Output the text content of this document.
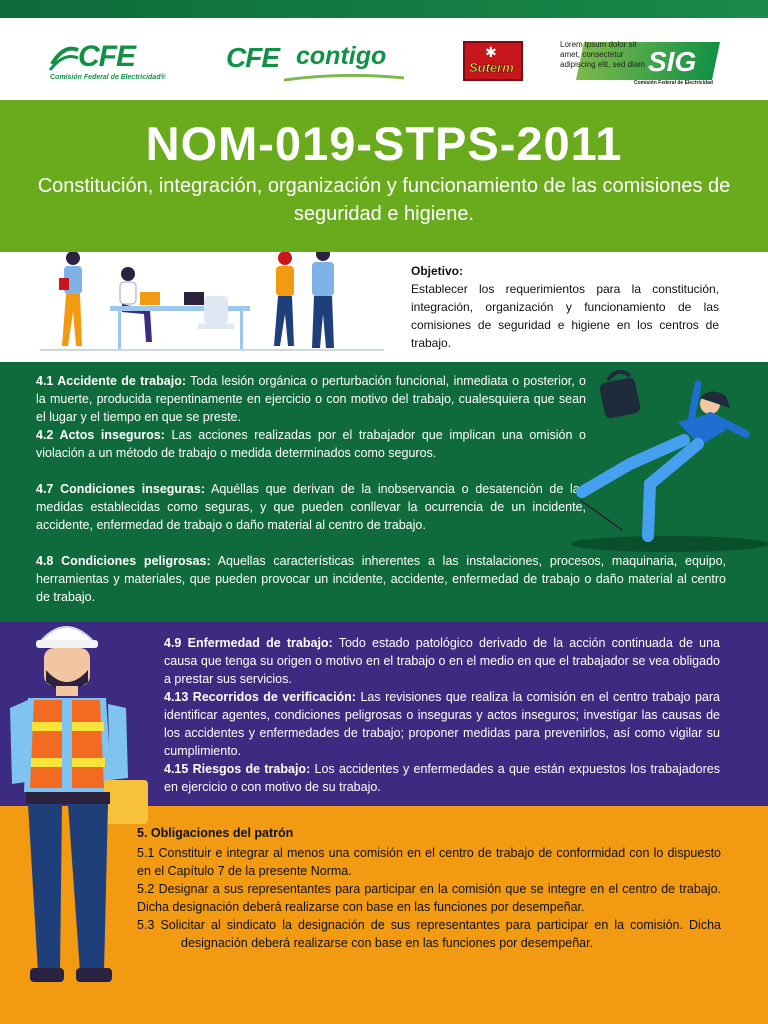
CFE
Comisión Federal de Electricidad®
CFE contigo	✱
Suterm	SIG
Comisión Federal de Electricidad
Lorem ipsum dolor sit amet, consectetur adipiscing elit, sed diam
NOM-019-STPS-2011

Constitución, integración, organización y funcionamiento de las comisiones de seguridad e higiene.

Objetivo:
Establecer los requerimientos para la constitución, integración, organización y funcionamiento de las comisiones de seguridad e higiene en los centros de trabajo.
4.1 Accidente de trabajo: Toda lesión orgánica o perturbación funcional, inmediata o posterior, o la muerte, producida repentinamente en ejercicio o con motivo del trabajo, cualesquiera que sean el lugar y el tiempo en que se preste.
4.2 Actos inseguros: Las acciones realizadas por el trabajador que implican una omisión o violación a un método de trabajo o medida determinados como seguros.
4.7 Condiciones inseguras: Aquéllas que derivan de la inobservancia o desatención de las medidas establecidas como seguras, y que pueden conllevar la ocurrencia de un incidente, accidente, enfermedad de trabajo o daño material al centro de trabajo.
4.8 Condiciones peligrosas: Aquellas características inherentes a las instalaciones, procesos, maquinaria, equipo, herramientas y materiales, que pueden provocar un incidente, accidente, enfermedad de trabajo o daño material al centro de trabajo.
4.9 Enfermedad de trabajo: Todo estado patológico derivado de la acción continuada de una causa que tenga su origen o motivo en el trabajo o en el medio en que el trabajador se vea obligado a prestar sus servicios.
4.13 Recorridos de verificación: Las revisiones que realiza la comisión en el centro trabajo para identificar agentes, condiciones peligrosas o inseguras y actos inseguros; investigar las causas de los accidentes y enfermedades de trabajo; proponer medidas para prevenirlos, así como vigilar su cumplimiento.
4.15 Riesgos de trabajo: Los accidentes y enfermedades a que están expuestos los trabajadores en ejercicio o con motivo de su trabajo.
5. Obligaciones del patrón
5.1 Constituir e integrar al menos una comisión en el centro de trabajo de conformidad con lo dispuesto en el Capítulo 7 de la presente Norma.
5.2 Designar a sus representantes para participar en la comisión que se integre en el centro de trabajo. Dicha designación deberá realizarse con base en las funciones por desempeñar.
5.3 Solicitar al sindicato la designación de sus representantes para participar en la comisión. Dicha designación deberá realizarse con base en las funciones por desempeñar.
